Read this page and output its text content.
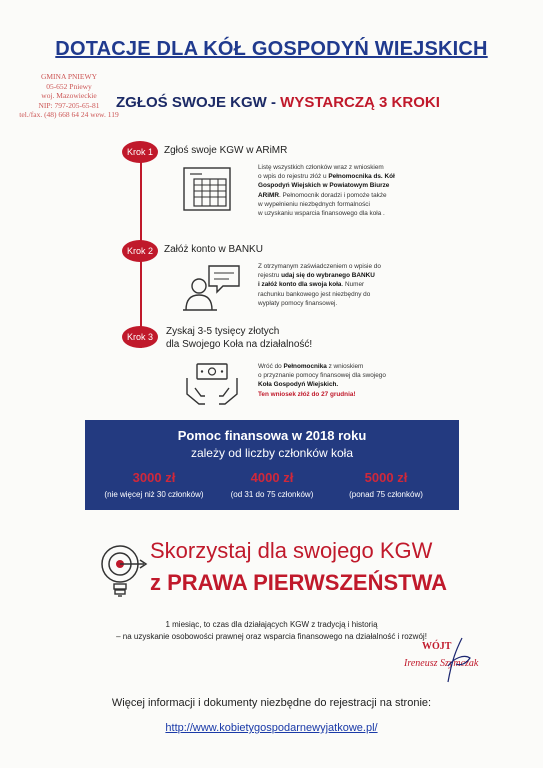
DOTACJE DLA KÓŁ GOSPODYŃ WIEJSKICH
GMINA PNIEWY
05-652 Pniewy
woj. Mazowieckie
NIP: 797-205-65-81
tel./fax. (48) 668 64 24 wew. 119
ZGŁOŚ SWOJE KGW - WYSTARCZĄ 3 KROKI
Krok 1	Zgłoś swoje KGW w ARiMR
Listę wszystkich członków wraz z wnioskiem
o wpis do rejestru złóż u Pełnomocnika ds. Kół
Gospodyń Wiejskich w Powiatowym Biurze
ARiMR. Pełnomocnik doradzi i pomoże także
w wypełnieniu niezbędnych formalności
w uzyskaniu wsparcia finansowego dla koła .
Krok 2	Załóż konto w BANKU
Z otrzymanym zaświadczeniem o wpisie do
rejestru udaj się do wybranego BANKU
i załóż konto dla swoja koła. Numer
rachunku bankowego jest niezbędny do
wypłaty pomocy finansowej.
Krok 3	Zyskaj 3-5 tysięcy złotych
dla Swojego Koła na działalność!
Wróć do Pełnomocnika z wnioskiem
o przyznanie pomocy finansowej dla swojego
Koła Gospodyń Wiejskich.
Ten wniosek złóż do 27 grudnia!
Pomoc finansowa w 2018 roku
zależy od liczby członków koła
3000 zł
(nie więcej niż 30 członków)
4000 zł
(od 31 do 75 członków)
5000 zł
(ponad 75 członków)
Skorzystaj dla swojego KGW
z PRAWA PIERWSZEŃSTWA
1 miesiąc, to czas dla działających KGW z tradycją i historią
– na uzyskanie osobowości prawnej oraz wsparcia finansowego na działalność i rozwój!
WÓJT
Ireneusz Szymczak
Więcej informacji i dokumenty niezbędne do rejestracji na stronie:
http://www.kobietygospodarnewyjatkowe.pl/
